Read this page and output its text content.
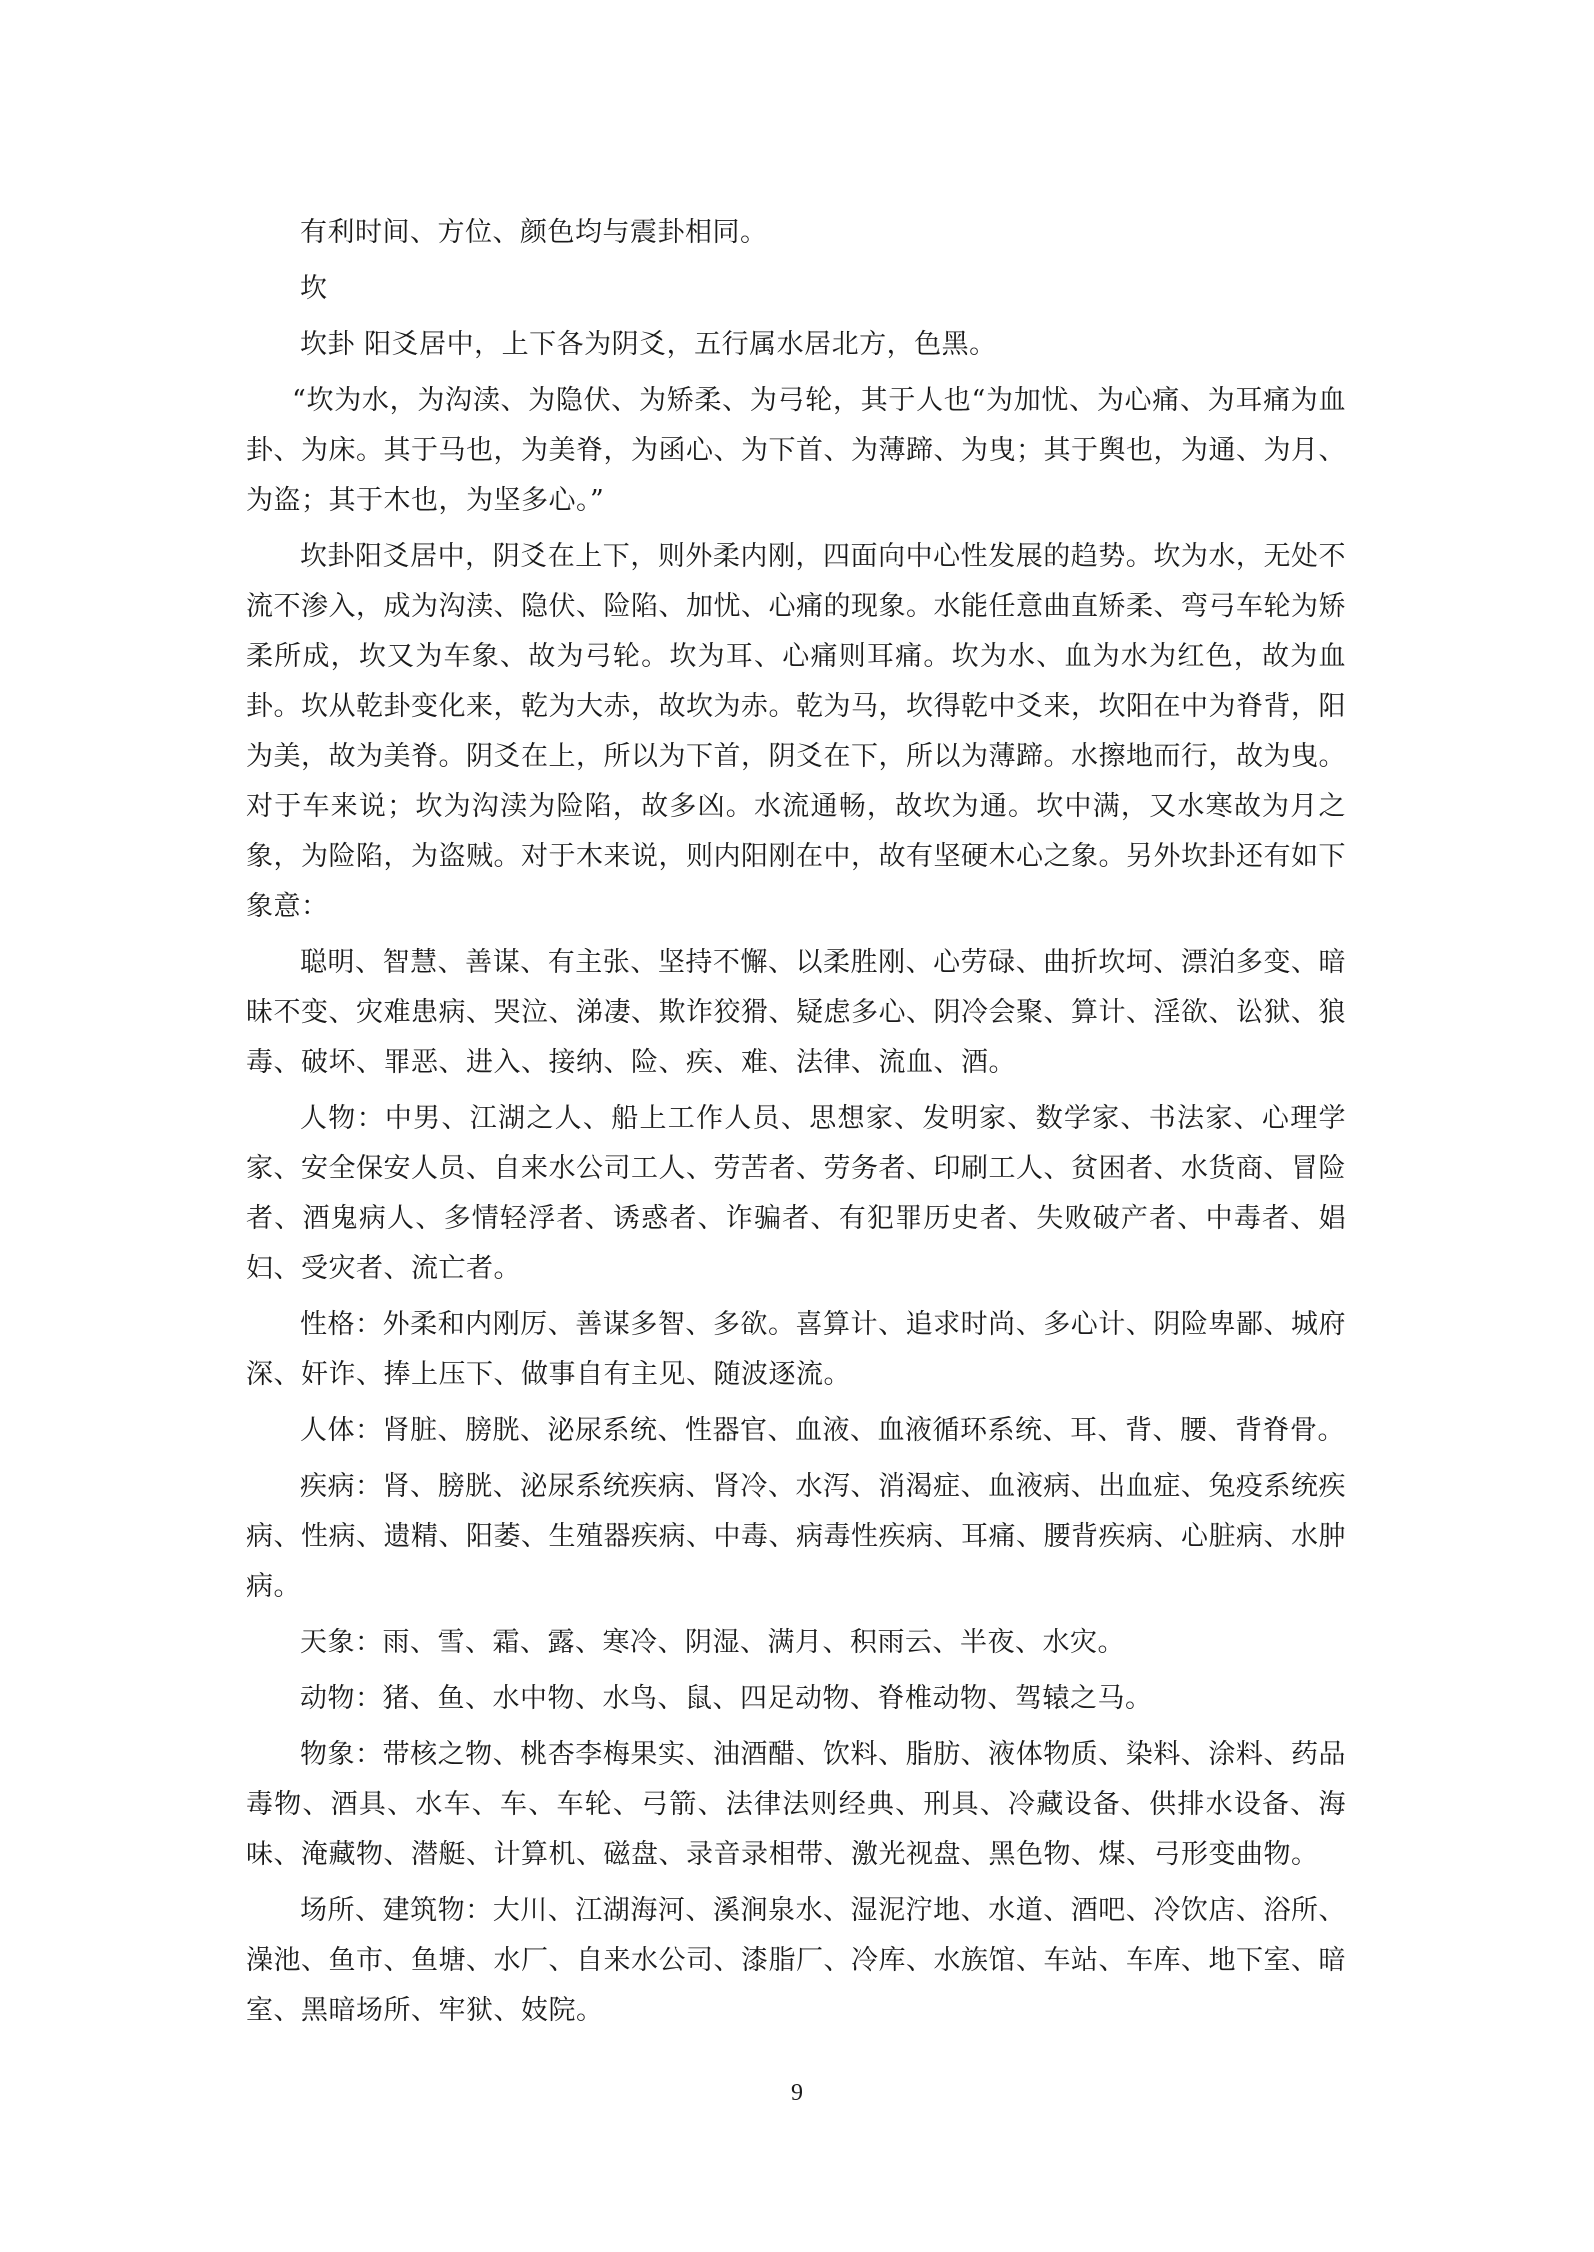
有利时间、方位、颜色均与震卦相同。

坎

坎卦 阳爻居中，上下各为阴爻，五行属水居北方，色黑。

“坎为水，为沟渎、为隐伏、为矫柔、为弓轮，其于人也“为加忧、为心痛、为耳痛为血卦、为床。其于马也，为美脊，为函心、为下首、为薄蹄、为曳；其于舆也，为通、为月、为盗；其于木也，为坚多心。”

坎卦阳爻居中，阴爻在上下，则外柔内刚，四面向中心性发展的趋势。坎为水，无处不流不渗入，成为沟渎、隐伏、险陷、加忧、心痛的现象。水能任意曲直矫柔、弯弓车轮为矫柔所成，坎又为车象、故为弓轮。坎为耳、心痛则耳痛。坎为水、血为水为红色，故为血卦。坎从乾卦变化来，乾为大赤，故坎为赤。乾为马，坎得乾中爻来，坎阳在中为脊背，阳为美，故为美脊。阴爻在上，所以为下首，阴爻在下，所以为薄蹄。水擦地而行，故为曳。对于车来说；坎为沟渎为险陷，故多凶。水流通畅，故坎为通。坎中满，又水寒故为月之象，为险陷，为盗贼。对于木来说，则内阳刚在中，故有坚硬木心之象。另外坎卦还有如下象意：

聪明、智慧、善谋、有主张、坚持不懈、以柔胜刚、心劳碌、曲折坎坷、漂泊多变、暗昧不变、灾难患病、哭泣、涕凄、欺诈狡猾、疑虑多心、阴冷会聚、算计、淫欲、讼狱、狼毒、破坏、罪恶、进入、接纳、险、疾、难、法律、流血、酒。

人物：中男、江湖之人、船上工作人员、思想家、发明家、数学家、书法家、心理学家、安全保安人员、自来水公司工人、劳苦者、劳务者、印刷工人、贫困者、水货商、冒险者、酒鬼病人、多情轻浮者、诱惑者、诈骗者、有犯罪历史者、失败破产者、中毒者、娼妇、受灾者、流亡者。

性格：外柔和内刚厉、善谋多智、多欲。喜算计、追求时尚、多心计、阴险卑鄙、城府深、奸诈、捧上压下、做事自有主见、随波逐流。

人体：肾脏、膀胱、泌尿系统、性器官、血液、血液循环系统、耳、背、腰、背脊骨。

疾病：肾、膀胱、泌尿系统疾病、肾冷、水泻、消渴症、血液病、出血症、兔疫系统疾病、性病、遗精、阳萎、生殖器疾病、中毒、病毒性疾病、耳痛、腰背疾病、心脏病、水肿病。

天象：雨、雪、霜、露、寒冷、阴湿、满月、积雨云、半夜、水灾。

动物：猪、鱼、水中物、水鸟、鼠、四足动物、脊椎动物、驾辕之马。

物象：带核之物、桃杏李梅果实、油酒醋、饮料、脂肪、液体物质、染料、涂料、药品毒物、酒具、水车、车、车轮、弓箭、法律法则经典、刑具、冷藏设备、供排水设备、海味、淹藏物、潜艇、计算机、磁盘、录音录相带、激光视盘、黑色物、煤、弓形变曲物。

场所、建筑物：大川、江湖海河、溪涧泉水、湿泥泞地、水道、酒吧、冷饮店、浴所、澡池、鱼市、鱼塘、水厂、自来水公司、漆脂厂、冷库、水族馆、车站、车库、地下室、暗室、黑暗场所、牢狱、妓院。

9
